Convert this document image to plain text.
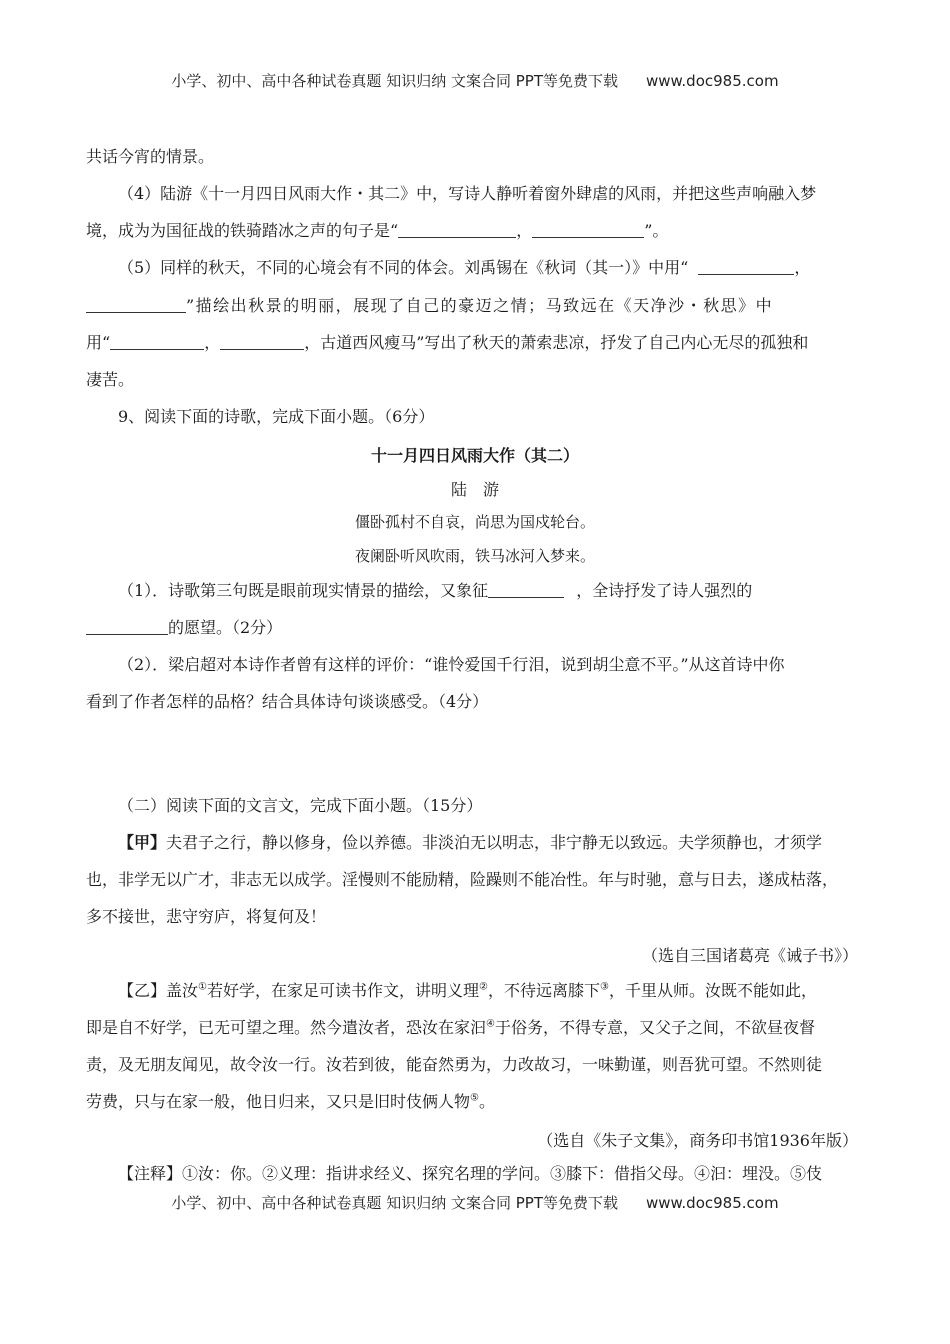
小学、初中、高中各种试卷真题 知识归纳 文案合同 PPT等免费下载 www.doc985.com
共话今宵的情景。
（4）陆游《十一月四日风雨大作・其二》中，写诗人静听着窗外肆虐的风雨，并把这些声响融入梦
境，成为为国征战的铁骑踏冰之声的句子是“	，	”。
（5）同样的秋天，不同的心境会有不同的体会。刘禹锡在《秋词（其一）》中用“	，
”描绘出秋景的明丽，展现了自己的豪迈之情；马致远在《天净沙・秋思》中
用“	，	，古道西风瘦马”写出了秋天的萧索悲凉，抒发了自己内心无尽的孤独和
凄苦。
9、阅读下面的诗歌，完成下面小题。（6分）
十一月四日风雨大作（其二）
陆　游
僵卧孤村不自哀，尚思为国戍轮台。
夜阑卧听风吹雨，铁马冰河入梦来。
（1）．诗歌第三句既是眼前现实情景的描绘，又象征	，全诗抒发了诗人强烈的
的愿望。（2分）
（2）．梁启超对本诗作者曾有这样的评价：“谁怜爱国千行泪，说到胡尘意不平。”从这首诗中你
看到了作者怎样的品格？结合具体诗句谈谈感受。（4分）
（二）阅读下面的文言文，完成下面小题。（15分）
【甲】夫君子之行，静以修身，俭以养德。非淡泊无以明志，非宁静无以致远。夫学须静也，才须学
也，非学无以广才，非志无以成学。淫慢则不能励精，险躁则不能冶性。年与时驰，意与日去，遂成枯落，
多不接世，悲守穷庐，将复何及！
（选自三国诸葛亮《诫子书》）
【乙】盖汝①若好学，在家足可读书作文，讲明义理②，不待远离膝下③，千里从师。汝既不能如此，
即是自不好学，已无可望之理。然今遣汝者，恐汝在家汩④于俗务，不得专意，又父子之间，不欲昼夜督
责，及无朋友闻见，故令汝一行。汝若到彼，能奋然勇为，力改故习，一味勤谨，则吾犹可望。不然则徒
劳费，只与在家一般，他日归来，又只是旧时伎俩人物⑤。
（选自《朱子文集》，商务印书馆1936年版）
【注释】①汝：你。②义理：指讲求经义、探究名理的学问。③膝下：借指父母。④汩：埋没。⑤伎
小学、初中、高中各种试卷真题 知识归纳 文案合同 PPT等免费下载 www.doc985.com
